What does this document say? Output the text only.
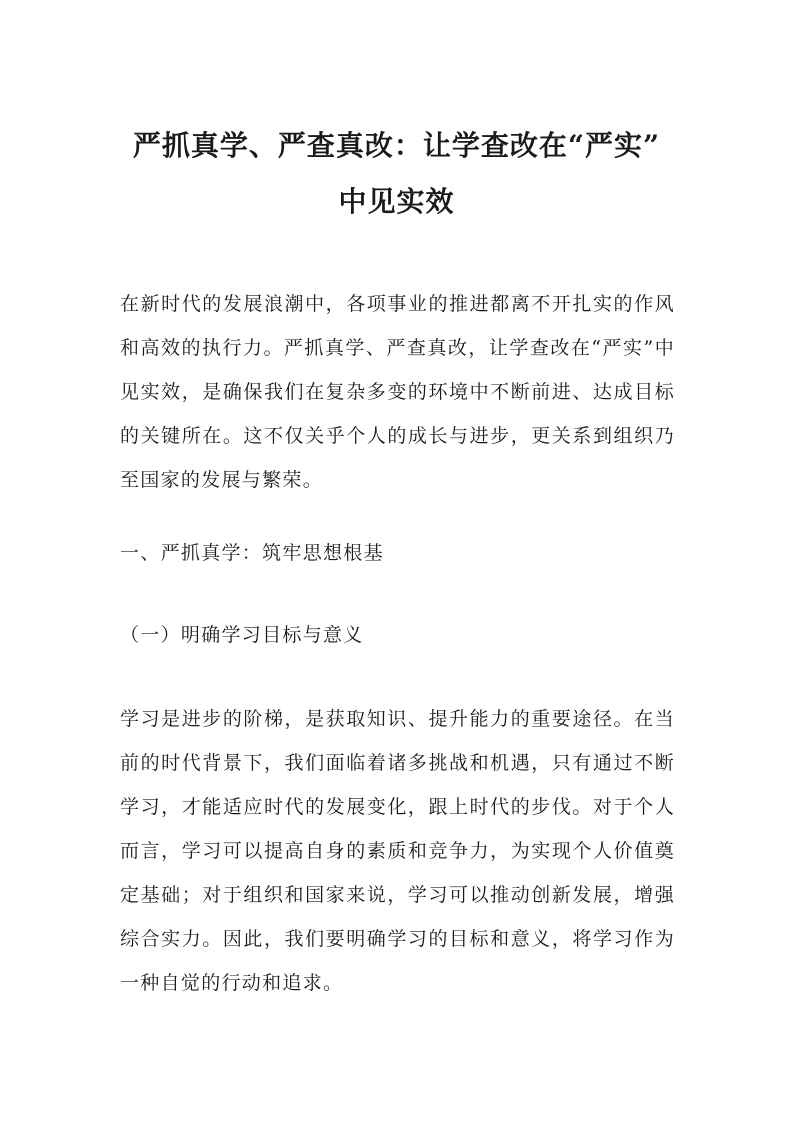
严抓真学、严查真改：让学查改在“严实”
中见实效

在新时代的发展浪潮中，各项事业的推进都离不开扎实的作风和高效的执行力。严抓真学、严查真改，让学查改在“严实”中见实效，是确保我们在复杂多变的环境中不断前进、达成目标的关键所在。这不仅关乎个人的成长与进步，更关系到组织乃至国家的发展与繁荣。

一、严抓真学：筑牢思想根基

（一）明确学习目标与意义

学习是进步的阶梯，是获取知识、提升能力的重要途径。在当前的时代背景下，我们面临着诸多挑战和机遇，只有通过不断学习，才能适应时代的发展变化，跟上时代的步伐。对于个人而言，学习可以提高自身的素质和竞争力，为实现个人价值奠定基础；对于组织和国家来说，学习可以推动创新发展，增强综合实力。因此，我们要明确学习的目标和意义，将学习作为一种自觉的行动和追求。
